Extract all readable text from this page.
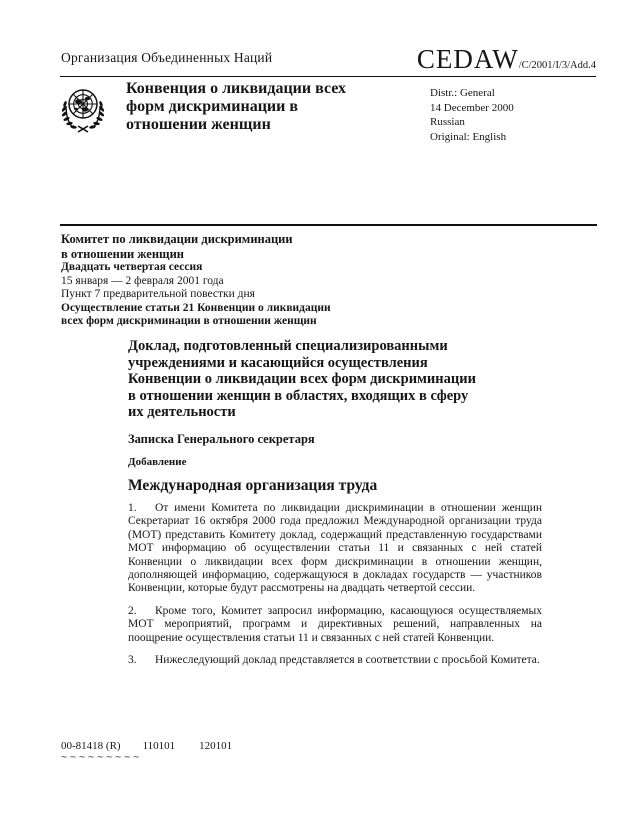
Организация Объединенных Наций	CEDAW/C/2001/I/3/Add.4
Конвенция о ликвидации всех
форм дискриминации в
отношении женщин
Distr.: General
14 December 2000
Russian
Original: English
Комитет по ликвидации дискриминации
в отношении женщин
Двадцать четвертая сессия
15 января — 2 февраля 2001 года
Пункт 7 предварительной повестки дня
Осуществление статьи 21 Конвенции о ликвидации
всех форм дискриминации в отношении женщин
Доклад, подготовленный специализированными
учреждениями и касающийся осуществления
Конвенции о ликвидации всех форм дискриминации
в отношении женщин в областях, входящих в сферу
их деятельности
Записка Генерального секретаря
Добавление
Международная организация труда

1. От имени Комитета по ликвидации дискриминации в отношении женщин Секретариат 16 октября 2000 года предложил Международной организации труда (МОТ) представить Комитету доклад, содержащий представленную государствами МОТ информацию об осуществлении статьи 11 и связанных с ней статей Конвенции о ликвидации всех форм дискриминации в отношении женщин, дополняющей информацию, содержащуюся в докладах государств — участников Конвенции, которые будут рассмотрены на двадцать четвертой сессии.

2. Кроме того, Комитет запросил информацию, касающуюся осуществляемых МОТ мероприятий, программ и директивных решений, направленных на поощрение осуществления статьи 11 и связанных с ней статей Конвенции.

3. Нижеследующий доклад представляется в соответствии с просьбой Комитета.

00-81418 (R) 110101 120101
~~~~~~~~~
